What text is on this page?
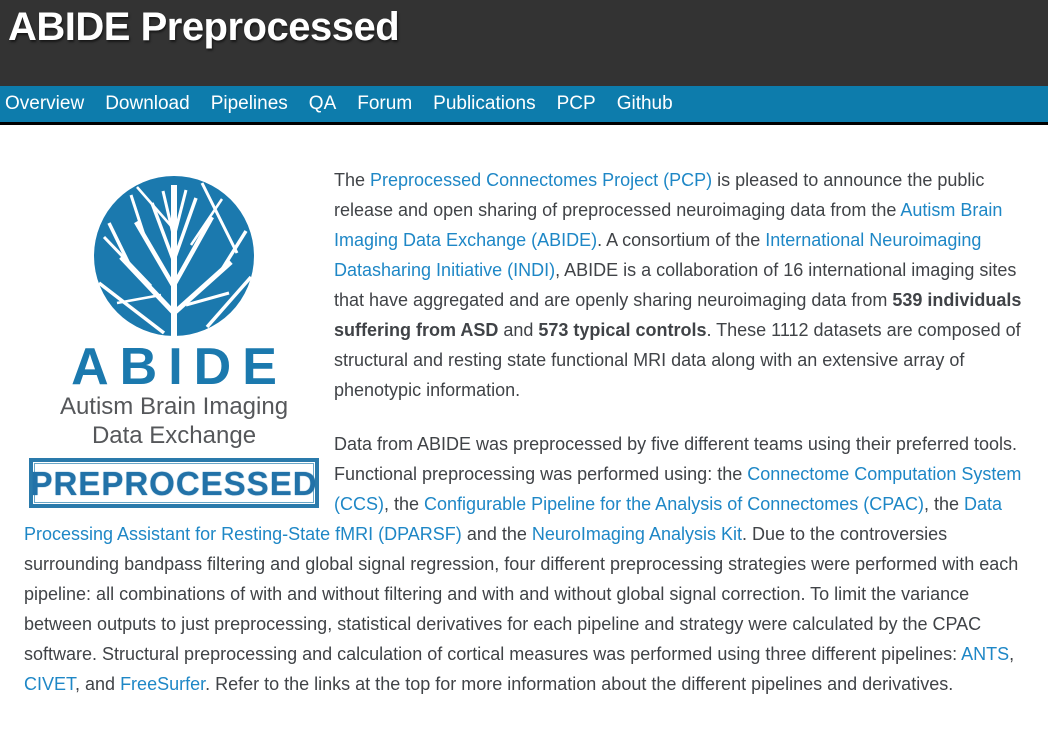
ABIDE Preprocessed
Overview Download Pipelines QA Forum Publications PCP Github
ABIDE
Autism Brain Imaging
Data Exchange
PREPROCESSED

The Preprocessed Connectomes Project (PCP) is pleased to announce the public release and open sharing of preprocessed neuroimaging data from the Autism Brain Imaging Data Exchange (ABIDE). A consortium of the International Neuroimaging Datasharing Initiative (INDI), ABIDE is a collaboration of 16 international imaging sites that have aggregated and are openly sharing neuroimaging data from 539 individuals suffering from ASD and 573 typical controls. These 1112 datasets are composed of structural and resting state functional MRI data along with an extensive array of phenotypic information.

Data from ABIDE was preprocessed by five different teams using their preferred tools. Functional preprocessing was performed using: the Connectome Computation System (CCS), the Configurable Pipeline for the Analysis of Connectomes (CPAC), the Data Processing Assistant for Resting-State fMRI (DPARSF) and the NeuroImaging Analysis Kit. Due to the controversies surrounding bandpass filtering and global signal regression, four different preprocessing strategies were performed with each pipeline: all combinations of with and without filtering and with and without global signal correction. To limit the variance between outputs to just preprocessing, statistical derivatives for each pipeline and strategy were calculated by the CPAC software. Structural preprocessing and calculation of cortical measures was performed using three different pipelines: ANTS, CIVET, and FreeSurfer. Refer to the links at the top for more information about the different pipelines and derivatives.
